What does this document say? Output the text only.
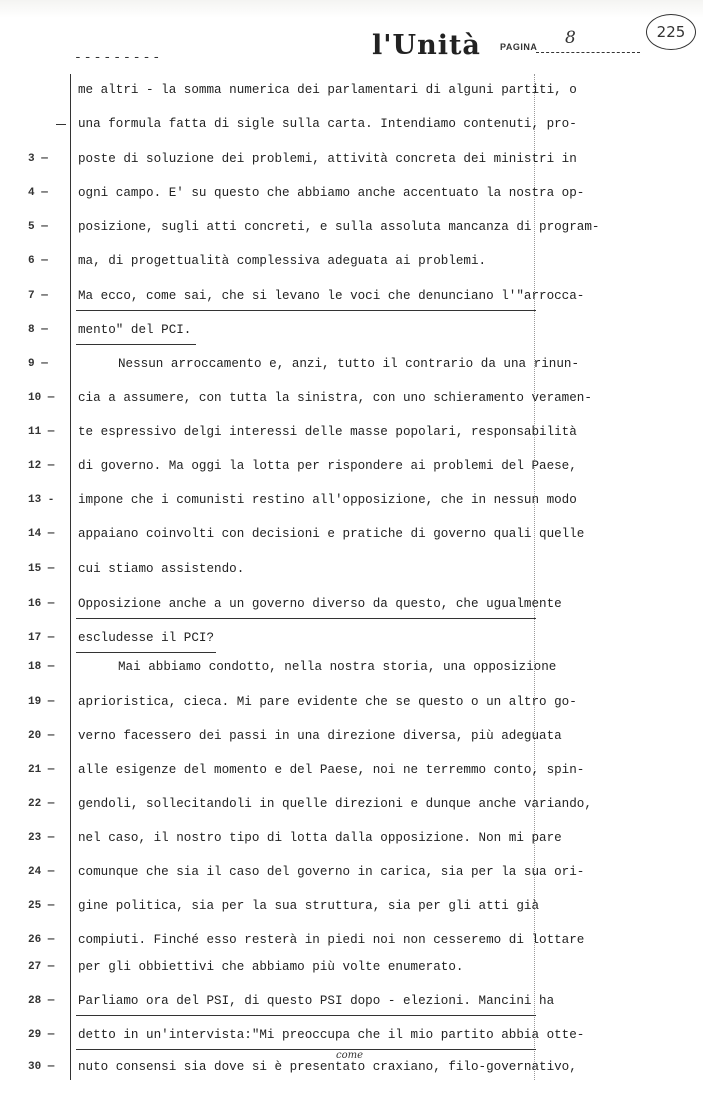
---------	l'Unità PAGINA 8	225
me altri - la somma numerica dei parlamentari di alguni partiti, o
una formula fatta di sigle sulla carta. Intendiamo contenuti, pro-
3 —	poste di soluzione dei problemi, attività concreta dei ministri in
4 —	ogni campo. E' su questo che abbiamo anche accentuato la nostra op-
5 —	posizione, sugli atti concreti, e sulla assoluta mancanza di program-
6 —	ma, di progettualità complessiva adeguata ai problemi.
7 —	Ma ecco, come sai, che si levano le voci che denunciano l'"arrocca-
8 —	mento" del PCI.
9 —	Nessun arroccamento e, anzi, tutto il contrario da una rinun-
10 —	cia a assumere, con tutta la sinistra, con uno schieramento veramen-
11 —	te espressivo delgi interessi delle masse popolari, responsabilità
12 —	di governo. Ma oggi la lotta per rispondere ai problemi del Paese,
13 -	impone che i comunisti restino all'opposizione, che in nessun modo
14 —	appaiano coinvolti con decisioni e pratiche di governo quali quelle
15 —	cui stiamo assistendo.
16 —	Opposizione anche a un governo diverso da questo, che ugualmente
17 —	escludesse il PCI?
18 —	Mai abbiamo condotto, nella nostra storia, una opposizione
19 —	aprioristica, cieca. Mi pare evidente che se questo o un altro go-
20 —	verno facessero dei passi in una direzione diversa, più adeguata
21 —	alle esigenze del momento e del Paese, noi ne terremmo conto, spin-
22 —	gendoli, sollecitandoli in quelle direzioni e dunque anche variando,
23 —	nel caso, il nostro tipo di lotta dalla opposizione. Non mi pare
24 —	comunque che sia il caso del governo in carica, sia per la sua ori-
25 —	gine politica, sia per la sua struttura, sia per gli atti già
26 —	compiuti. Finché esso resterà in piedi noi non cesseremo di lottare
27 —	per gli obbiettivi che abbiamo più volte enumerato.
28 —	Parliamo ora del PSI, di questo PSI dopo - elezioni. Mancini ha
29 —	detto in un'intervista:"Mi preoccupa che il mio partito abbia otte-
30 —	nuto consensi sia dove si è presentato craxiano, filo-governativo,
come
